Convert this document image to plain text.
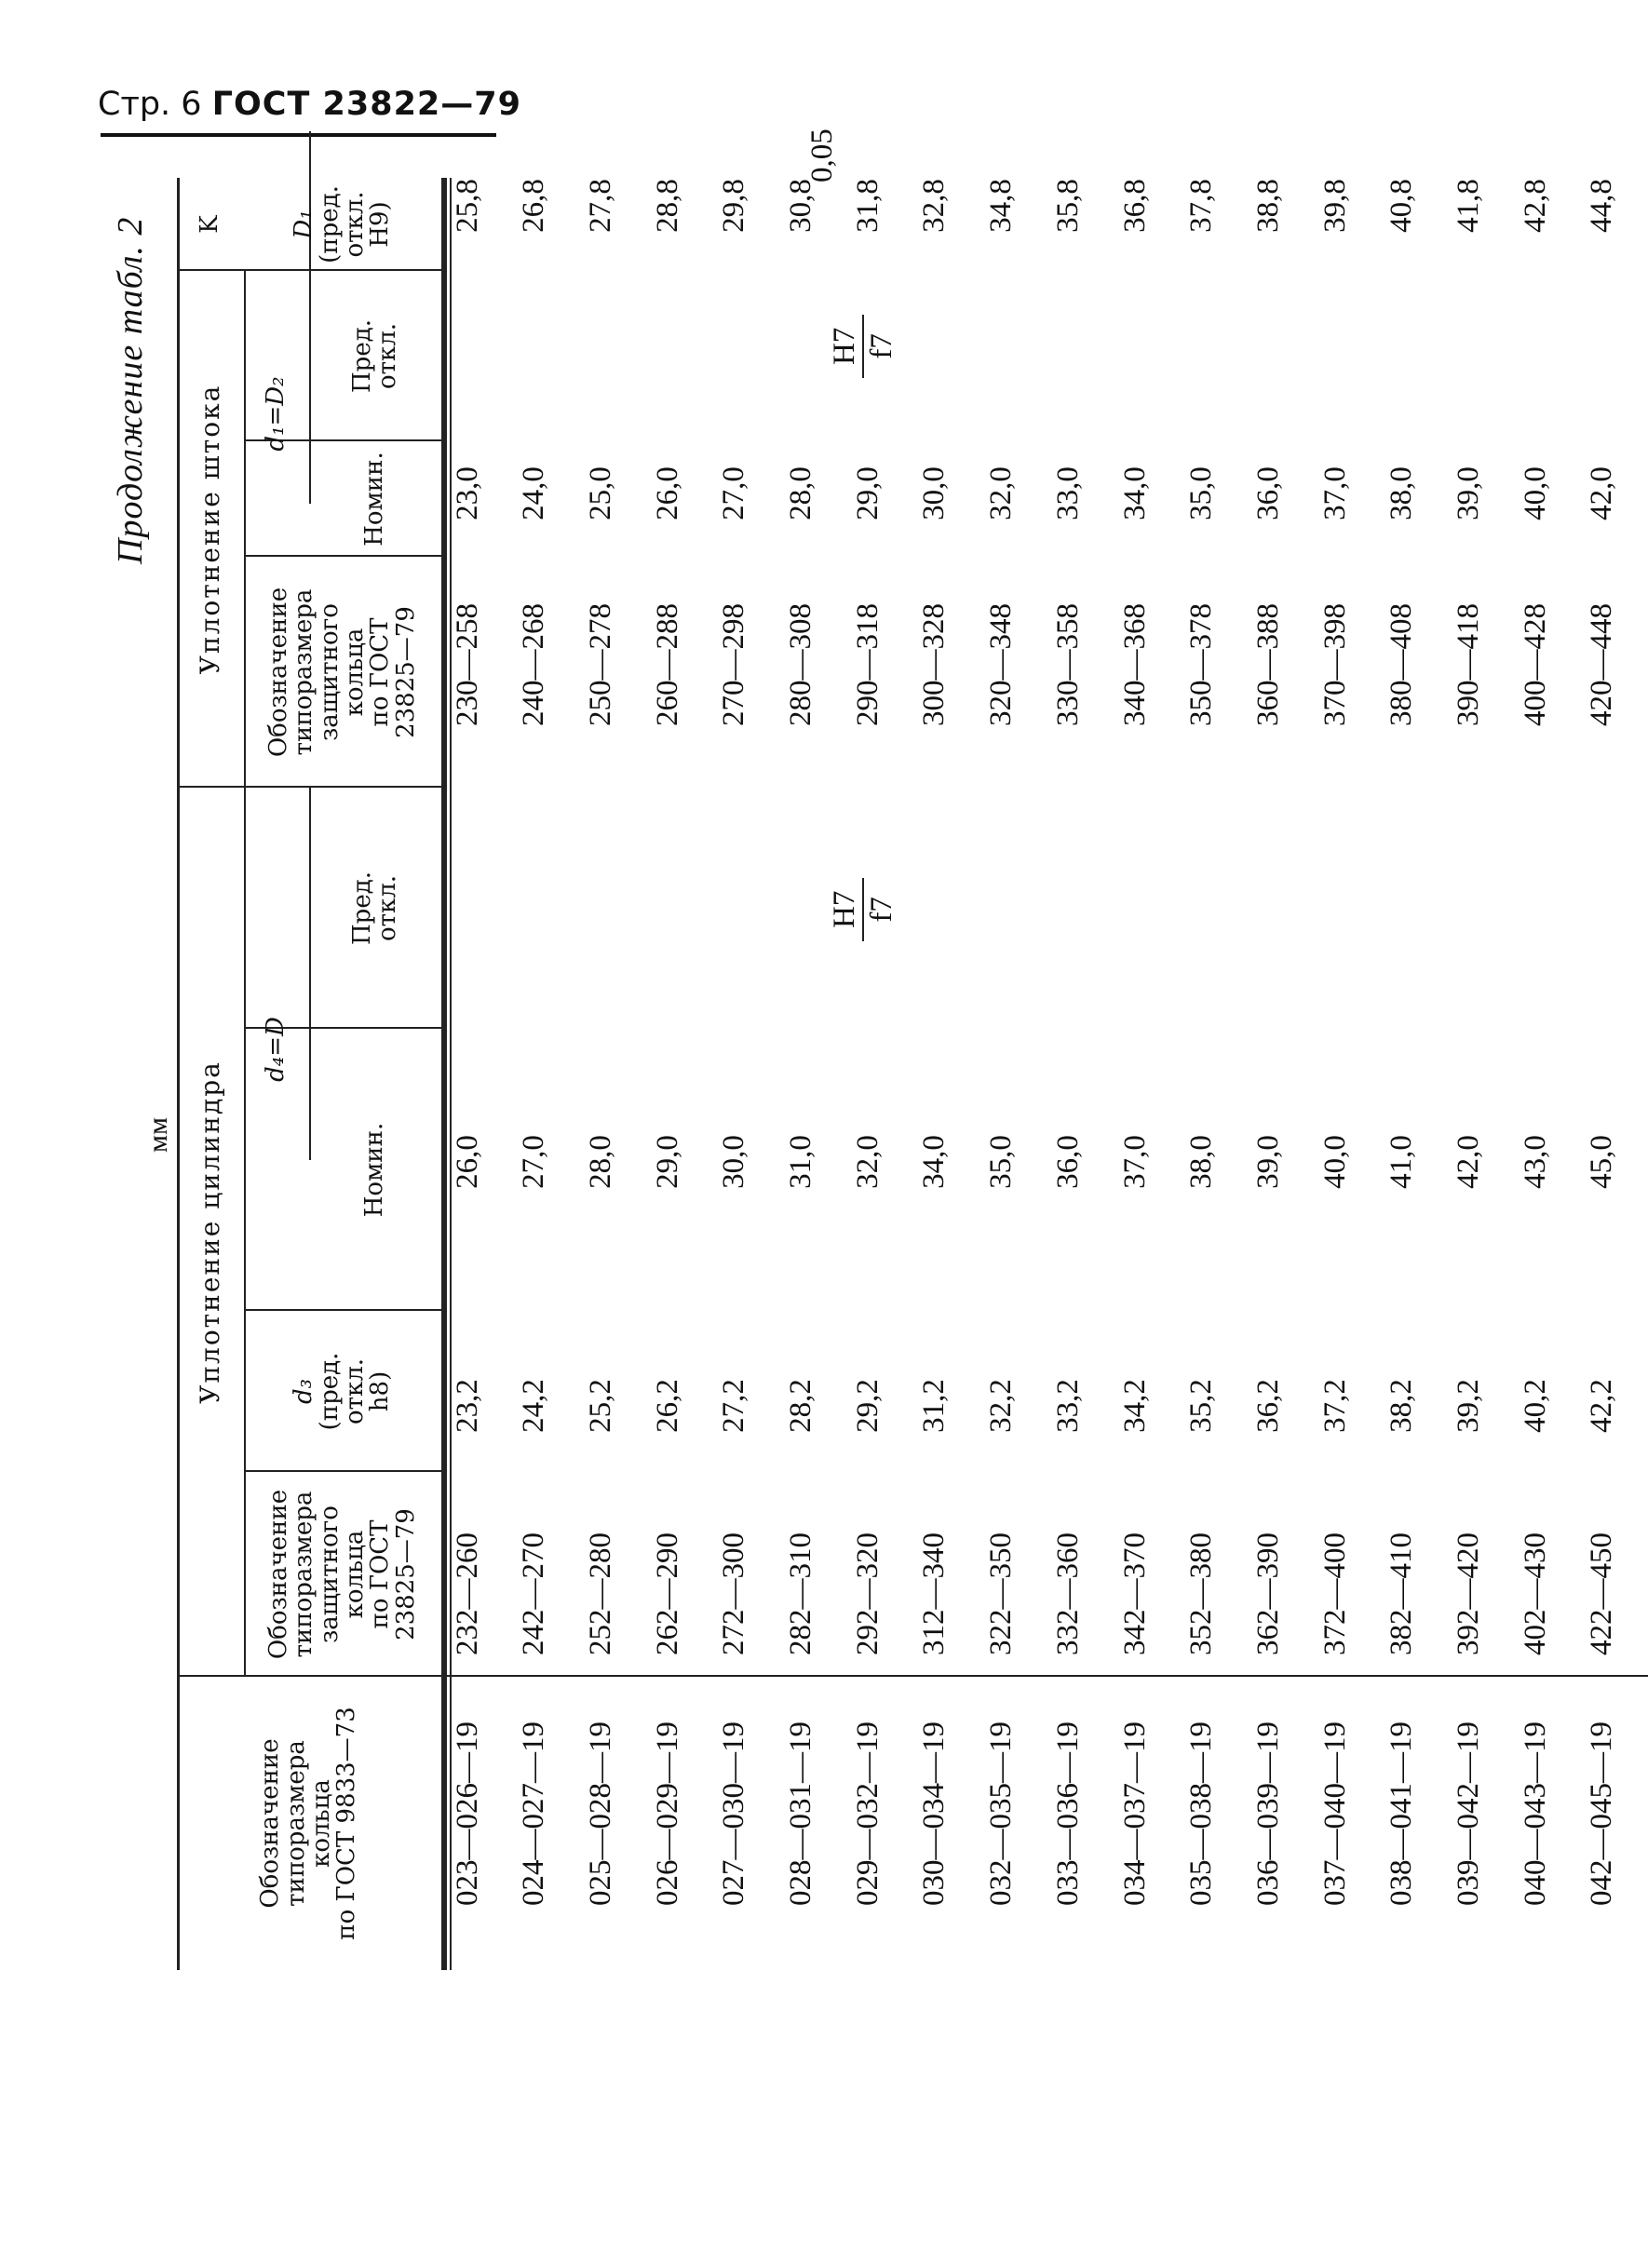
Стр. 6 ГОСТ 23822—79
Продолжение табл. 2
мм
Обозначение
типоразмера
кольца
по ГОСТ 9833—73
Уплотнение цилиндра
Обозначение
типоразмера
защитного
кольца
по ГОСТ
23825—79
d₃
(пред.
откл.
h8)
d₄=D
Номин.
Пред.
откл.
Уплотнение штока Обозначение
типоразмера
защитного
кольца
по ГОСТ
23825—79
d₁=D₂
Номин.
Пред.
откл.
D₁
(пред.
откл.
H9)
K
H7 f7
H7 f7
0,05
023—026—19
232—260
23,2
26,0
230—258
23,0
25,8
024—027—19
242—270
24,2
27,0
240—268
24,0
26,8
025—028—19
252—280
25,2
28,0
250—278
25,0
27,8
026—029—19
262—290
26,2
29,0
260—288
26,0
28,8
027—030—19
272—300
27,2
30,0
270—298
27,0
29,8
028—031—19
282—310
28,2
31,0
280—308
28,0
30,8
029—032—19
292—320
29,2
32,0
290—318
29,0
31,8
030—034—19
312—340
31,2
34,0
300—328
30,0
32,8
032—035—19
322—350
32,2
35,0
320—348
32,0
34,8
033—036—19
332—360
33,2
36,0
330—358
33,0
35,8
034—037—19
342—370
34,2
37,0
340—368
34,0
36,8
035—038—19
352—380
35,2
38,0
350—378
35,0
37,8
036—039—19
362—390
36,2
39,0
360—388
36,0
38,8
037—040—19
372—400
37,2
40,0
370—398
37,0
39,8
038—041—19
382—410
38,2
41,0
380—408
38,0
40,8
039—042—19
392—420
39,2
42,0
390—418
39,0
41,8
040—043—19
402—430
40,2
43,0
400—428
40,0
42,8
042—045—19
422—450
42,2
45,0
420—448
42,0
44,8
